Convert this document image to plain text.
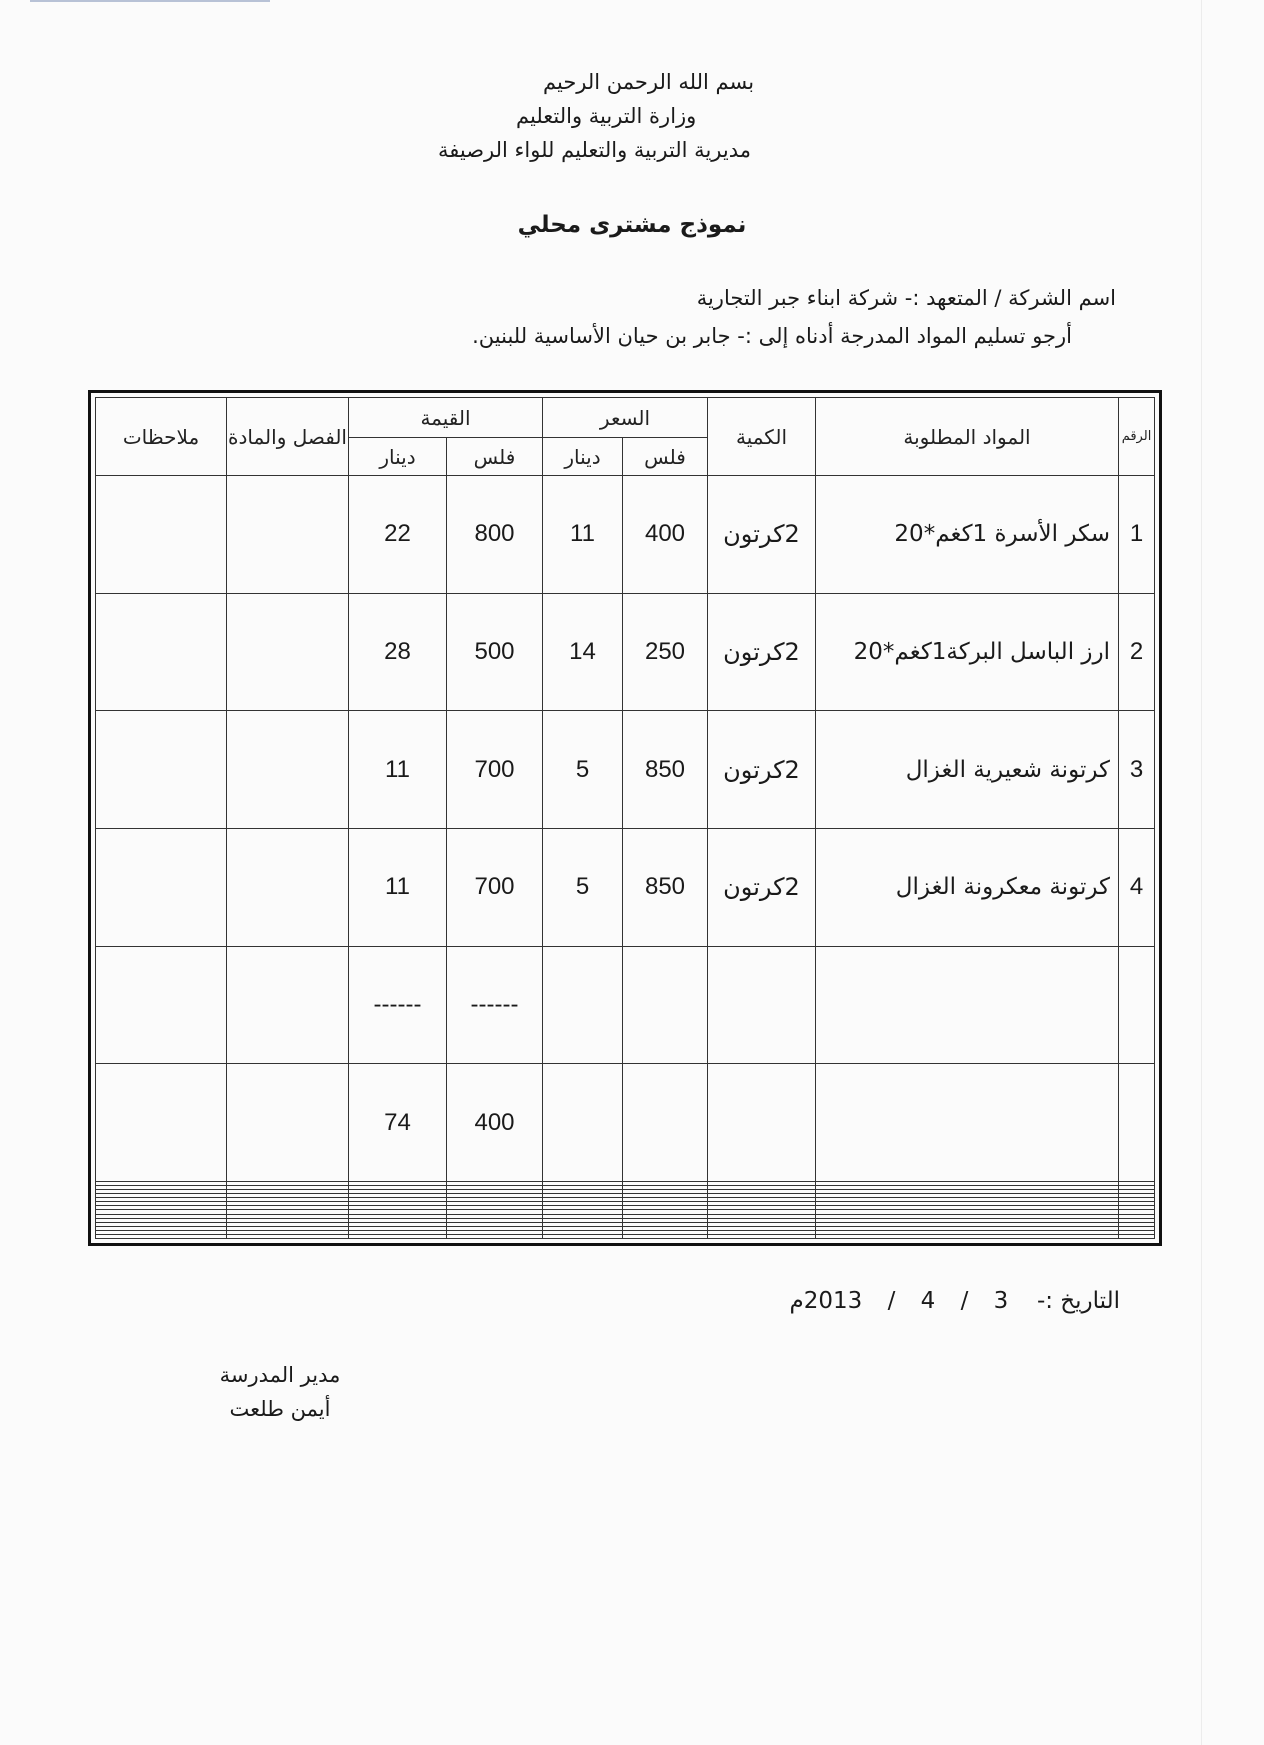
بسم الله الرحمن الرحيم
وزارة التربية والتعليم
مديرية التربية والتعليم للواء الرصيفة
نموذج مشترى محلي
اسم الشركة / المتعهد :- شركة ابناء جبر التجارية
أرجو تسليم المواد المدرجة أدناه إلى :- جابر بن حيان الأساسية للبنين.
الرقم	المواد المطلوبة	الكمية	السعر		القيمة		الفصل والمادة	ملاحظات
			فلس	دينار	فلس	دينار		
1	سكر الأسرة 1كغم*20	2كرتون	400	11	800	22		
2	ارز الباسل البركة1كغم*20	2كرتون	250	14	500	28		
3	كرتونة شعيرية الغزال	2كرتون	850	5	700	11		
4	كرتونة معكرونة الغزال	2كرتون	850	5	700	11		
					------	------		
					400	74		

التاريخ :-  3 / 4 / 2013م
مدير المدرسة
أيمن طلعت
